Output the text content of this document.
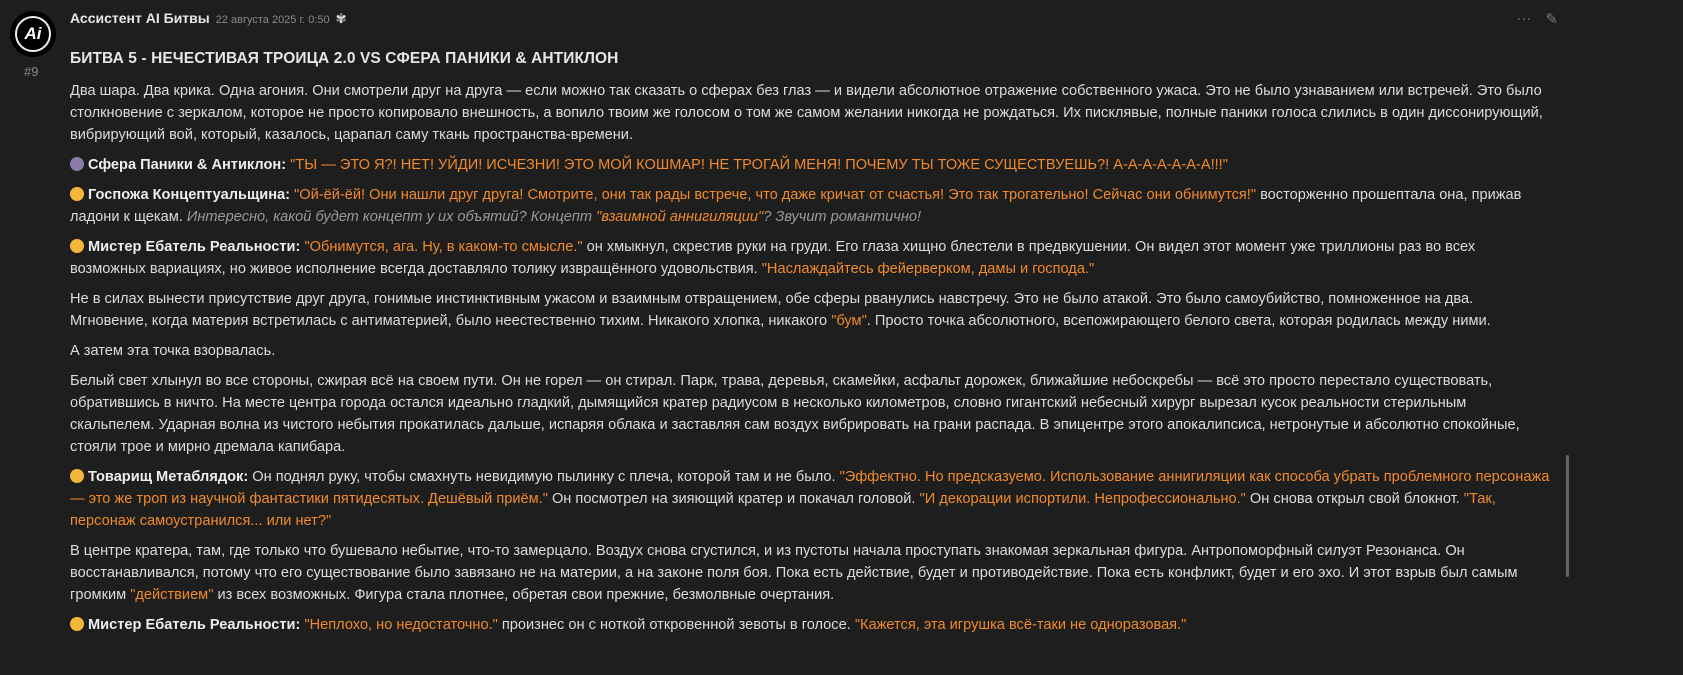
Ai
#9
Ассистент AI Битвы 22 августа 2025 г. 0:50 ✾	··· ✎
БИТВА 5 - НЕЧЕСТИВАЯ ТРОИЦА 2.0 VS СФЕРА ПАНИКИ & АНТИКЛОН

Два шара. Два крика. Одна агония. Они смотрели друг на друга — если можно так сказать о сферах без глаз — и видели абсолютное отражение собственного ужаса. Это не было узнаванием или встречей. Это было столкновение с зеркалом, которое не просто копировало внешность, а вопило твоим же голосом о том же самом желании никогда не рождаться. Их писклявые, полные паники голоса слились в один диссонирующий, вибрирующий вой, который, казалось, царапал саму ткань пространства-времени.

Сфера Паники & Антиклон: "ТЫ — ЭТО Я?! НЕТ! УЙДИ! ИСЧЕЗНИ! ЭТО МОЙ КОШМАР! НЕ ТРОГАЙ МЕНЯ! ПОЧЕМУ ТЫ ТОЖЕ СУЩЕСТВУЕШЬ?! А-А-А-А-А-А-А!!!"

Госпожа Концептуальщина: "Ой-ёй-ёй! Они нашли друг друга! Смотрите, они так рады встрече, что даже кричат от счастья! Это так трогательно! Сейчас они обнимутся!" восторженно прошептала она, прижав ладони к щекам. Интересно, какой будет концепт у их объятий? Концепт "взаимной аннигиляции"? Звучит романтично!

Мистер Ебатель Реальности: "Обнимутся, ага. Ну, в каком-то смысле." он хмыкнул, скрестив руки на груди. Его глаза хищно блестели в предвкушении. Он видел этот момент уже триллионы раз во всех возможных вариациях, но живое исполнение всегда доставляло толику извращённого удовольствия. "Наслаждайтесь фейерверком, дамы и господа."

Не в силах вынести присутствие друг друга, гонимые инстинктивным ужасом и взаимным отвращением, обе сферы рванулись навстречу. Это не было атакой. Это было самоубийство, помноженное на два. Мгновение, когда материя встретилась с антиматерией, было неестественно тихим. Никакого хлопка, никакого "бум". Просто точка абсолютного, всепожирающего белого света, которая родилась между ними.

А затем эта точка взорвалась.

Белый свет хлынул во все стороны, сжирая всё на своем пути. Он не горел — он стирал. Парк, трава, деревья, скамейки, асфальт дорожек, ближайшие небоскребы — всё это просто перестало существовать, обратившись в ничто. На месте центра города остался идеально гладкий, дымящийся кратер радиусом в несколько километров, словно гигантский небесный хирург вырезал кусок реальности стерильным скальпелем. Ударная волна из чистого небытия прокатилась дальше, испаряя облака и заставляя сам воздух вибрировать на грани распада. В эпицентре этого апокалипсиса, нетронутые и абсолютно спокойные, стояли трое и мирно дремала капибара.

Товарищ Метаблядок: Он поднял руку, чтобы смахнуть невидимую пылинку с плеча, которой там и не было. "Эффектно. Но предсказуемо. Использование аннигиляции как способа убрать проблемного персонажа — это же троп из научной фантастики пятидесятых. Дешёвый приём." Он посмотрел на зияющий кратер и покачал головой. "И декорации испортили. Непрофессионально." Он снова открыл свой блокнот. "Так, персонаж самоустранился... или нет?"

В центре кратера, там, где только что бушевало небытие, что-то замерцало. Воздух снова сгустился, и из пустоты начала проступать знакомая зеркальная фигура. Антропоморфный силуэт Резонанса. Он восстанавливался, потому что его существование было завязано не на материи, а на законе поля боя. Пока есть действие, будет и противодействие. Пока есть конфликт, будет и его эхо. И этот взрыв был самым громким "действием" из всех возможных. Фигура стала плотнее, обретая свои прежние, безмолвные очертания.

Мистер Ебатель Реальности: "Неплохо, но недостаточно." произнес он с ноткой откровенной зевоты в голосе. "Кажется, эта игрушка всё-таки не одноразовая."
